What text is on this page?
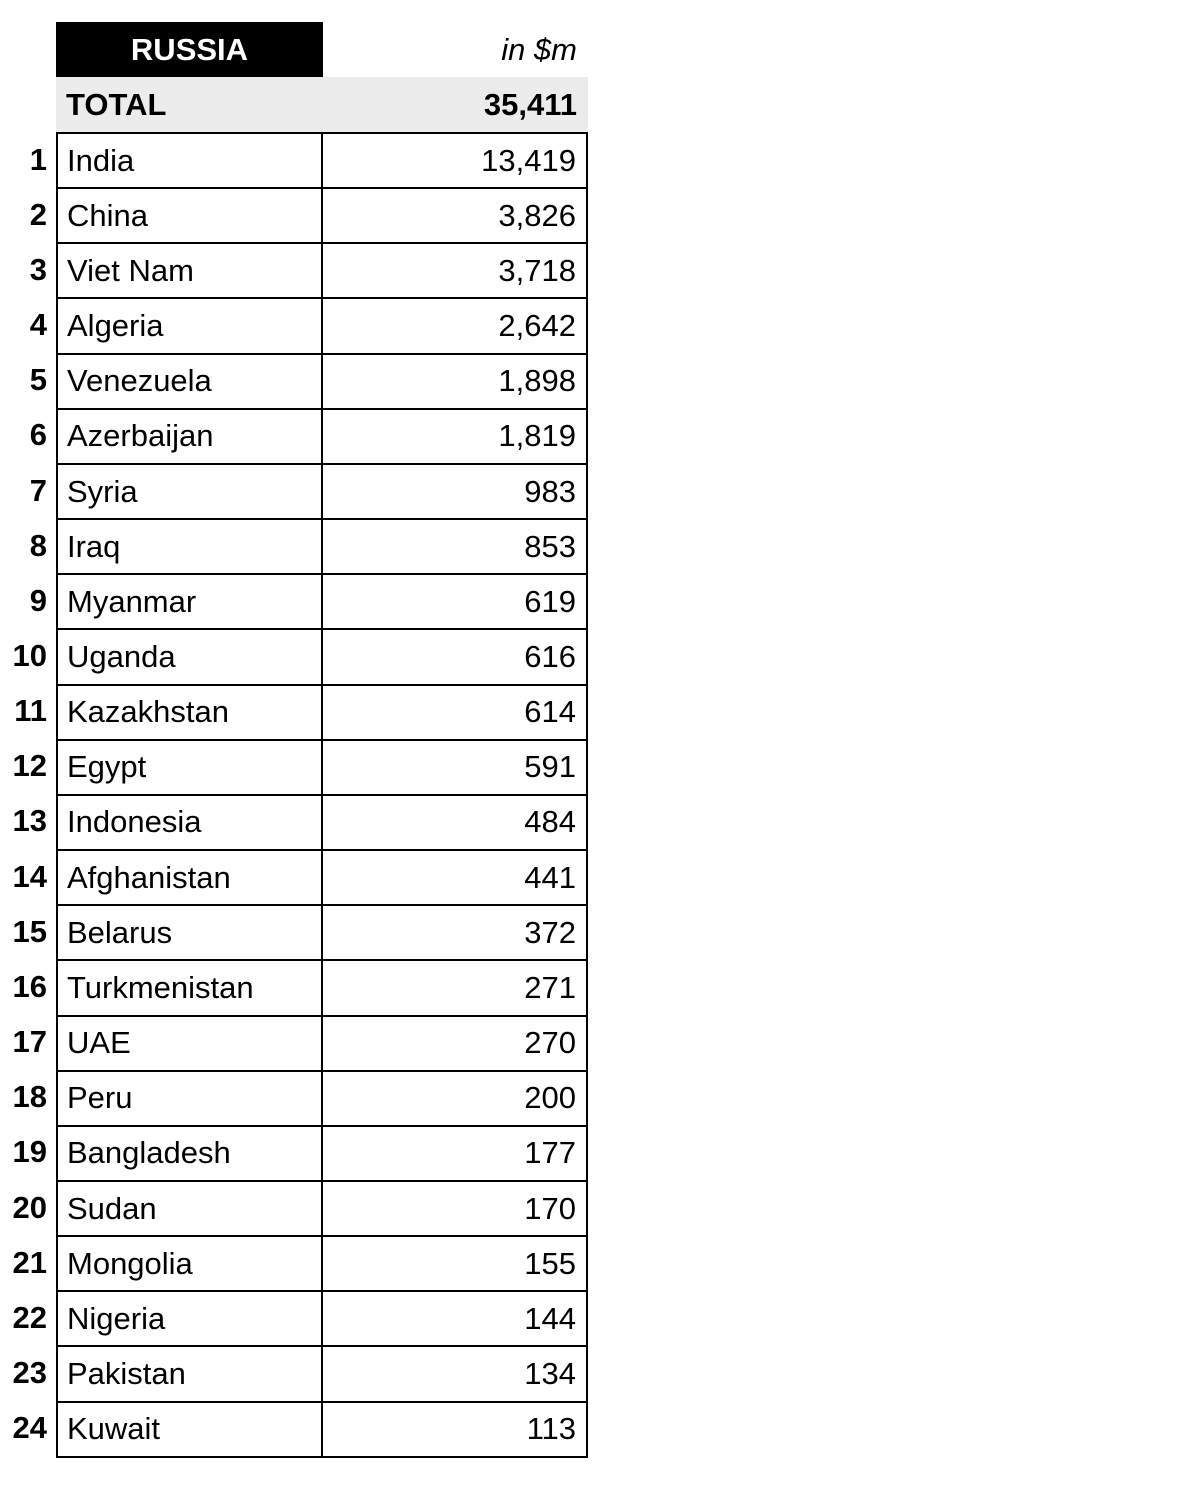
RUSSIA	in $m
TOTAL	35,411
1 India	13,419
2 China	3,826
3 Viet Nam	3,718
4 Algeria	2,642
5 Venezuela	1,898
6 Azerbaijan	1,819
7 Syria	983
8 Iraq	853
9 Myanmar	619
10 Uganda	616
11 Kazakhstan	614
12 Egypt	591
13 Indonesia	484
14 Afghanistan	441
15 Belarus	372
16 Turkmenistan	271
17 UAE	270
18 Peru	200
19 Bangladesh	177
20 Sudan	170
21 Mongolia	155
22 Nigeria	144
23 Pakistan	134
24 Kuwait	113
